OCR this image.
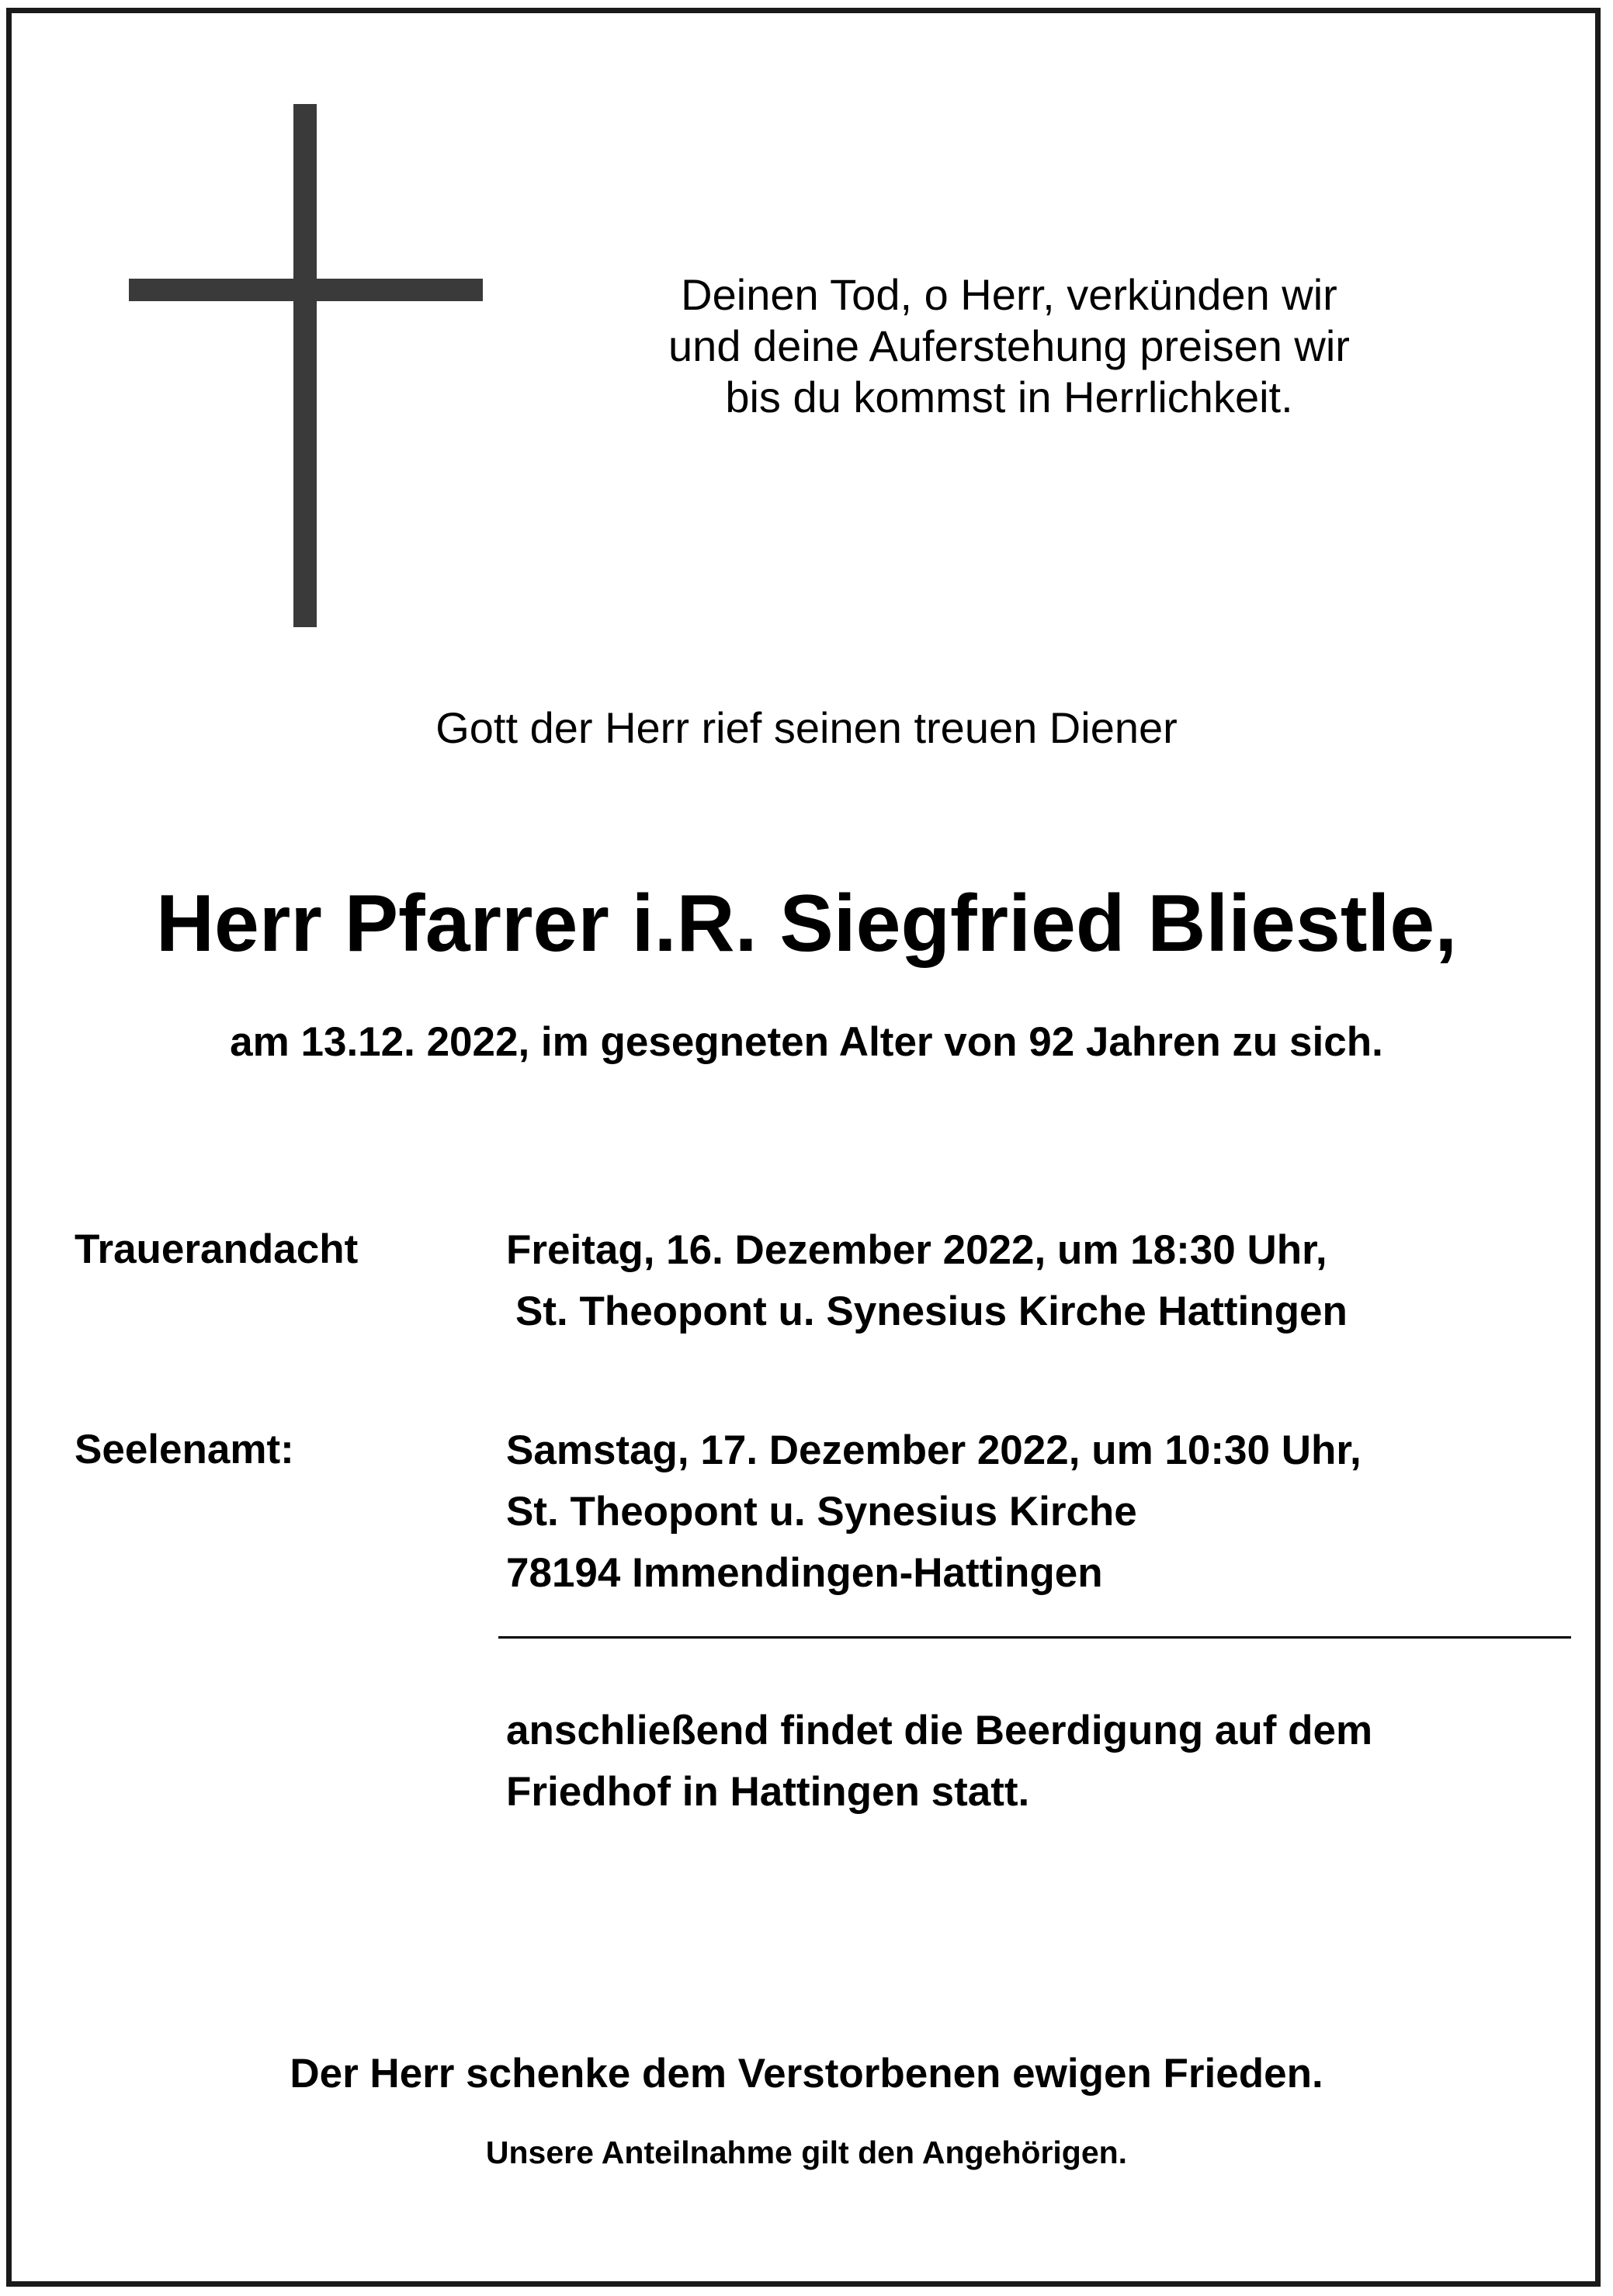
Deinen Tod, o Herr, verkünden wir
und deine Auferstehung preisen wir
bis du kommst in Herrlichkeit.
Gott der Herr rief seinen treuen Diener
Herr Pfarrer i.R. Siegfried Bliestle,
am 13.12. 2022, im gesegneten Alter von 92 Jahren zu sich.
Trauerandacht	Freitag, 16. Dezember 2022, um 18:30 Uhr,
St. Theopont u. Synesius Kirche Hattingen
Seelenamt:	Samstag, 17. Dezember 2022, um 10:30 Uhr,
St. Theopont u. Synesius Kirche
78194 Immendingen-Hattingen
anschließend findet die Beerdigung auf dem
Friedhof in Hattingen statt.
Der Herr schenke dem Verstorbenen ewigen Frieden.
Unsere Anteilnahme gilt den Angehörigen.
